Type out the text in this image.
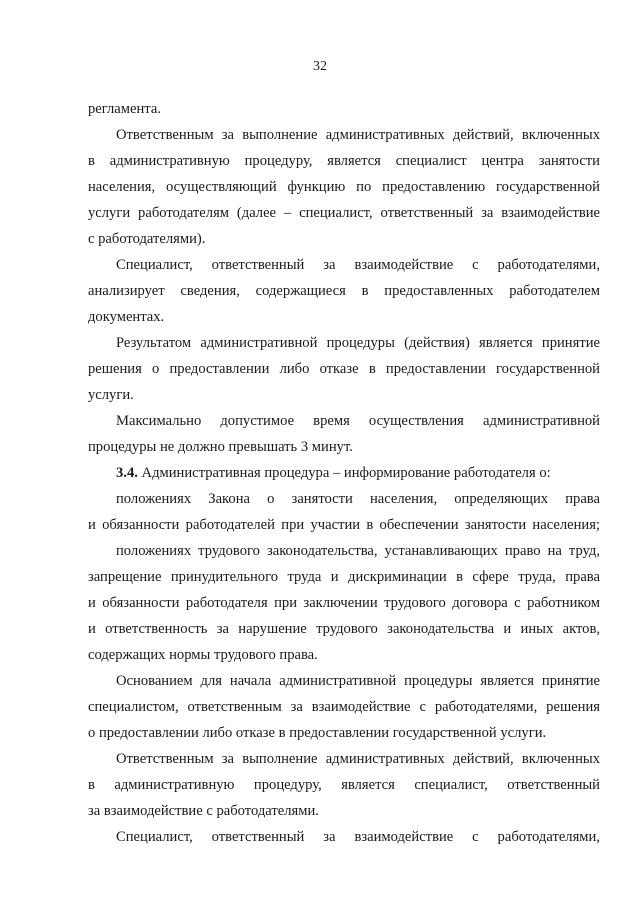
32
регламента.
Ответственным за выполнение административных действий, включенных
в административную процедуру, является специалист центра занятости
населения, осуществляющий функцию по предоставлению государственной
услуги работодателям (далее – специалист, ответственный за взаимодействие
с работодателями).
Специалист, ответственный за взаимодействие с работодателями,
анализирует сведения, содержащиеся в предоставленных работодателем
документах.
Результатом административной процедуры (действия) является принятие
решения о предоставлении либо отказе в предоставлении государственной
услуги.
Максимально допустимое время осуществления административной
процедуры не должно превышать 3 минут.
3.4. Административная процедура – информирование работодателя о:
положениях Закона о занятости населения, определяющих права
и обязанности работодателей при участии в обеспечении занятости населения;
положениях трудового законодательства, устанавливающих право на труд,
запрещение принудительного труда и дискриминации в сфере труда, права
и обязанности работодателя при заключении трудового договора с работником
и ответственность за нарушение трудового законодательства и иных актов,
содержащих нормы трудового права.
Основанием для начала административной процедуры является принятие
специалистом, ответственным за взаимодействие с работодателями, решения
о предоставлении либо отказе в предоставлении государственной услуги.
Ответственным за выполнение административных действий, включенных
в административную процедуру, является специалист, ответственный
за взаимодействие с работодателями.
Специалист, ответственный за взаимодействие с работодателями,
